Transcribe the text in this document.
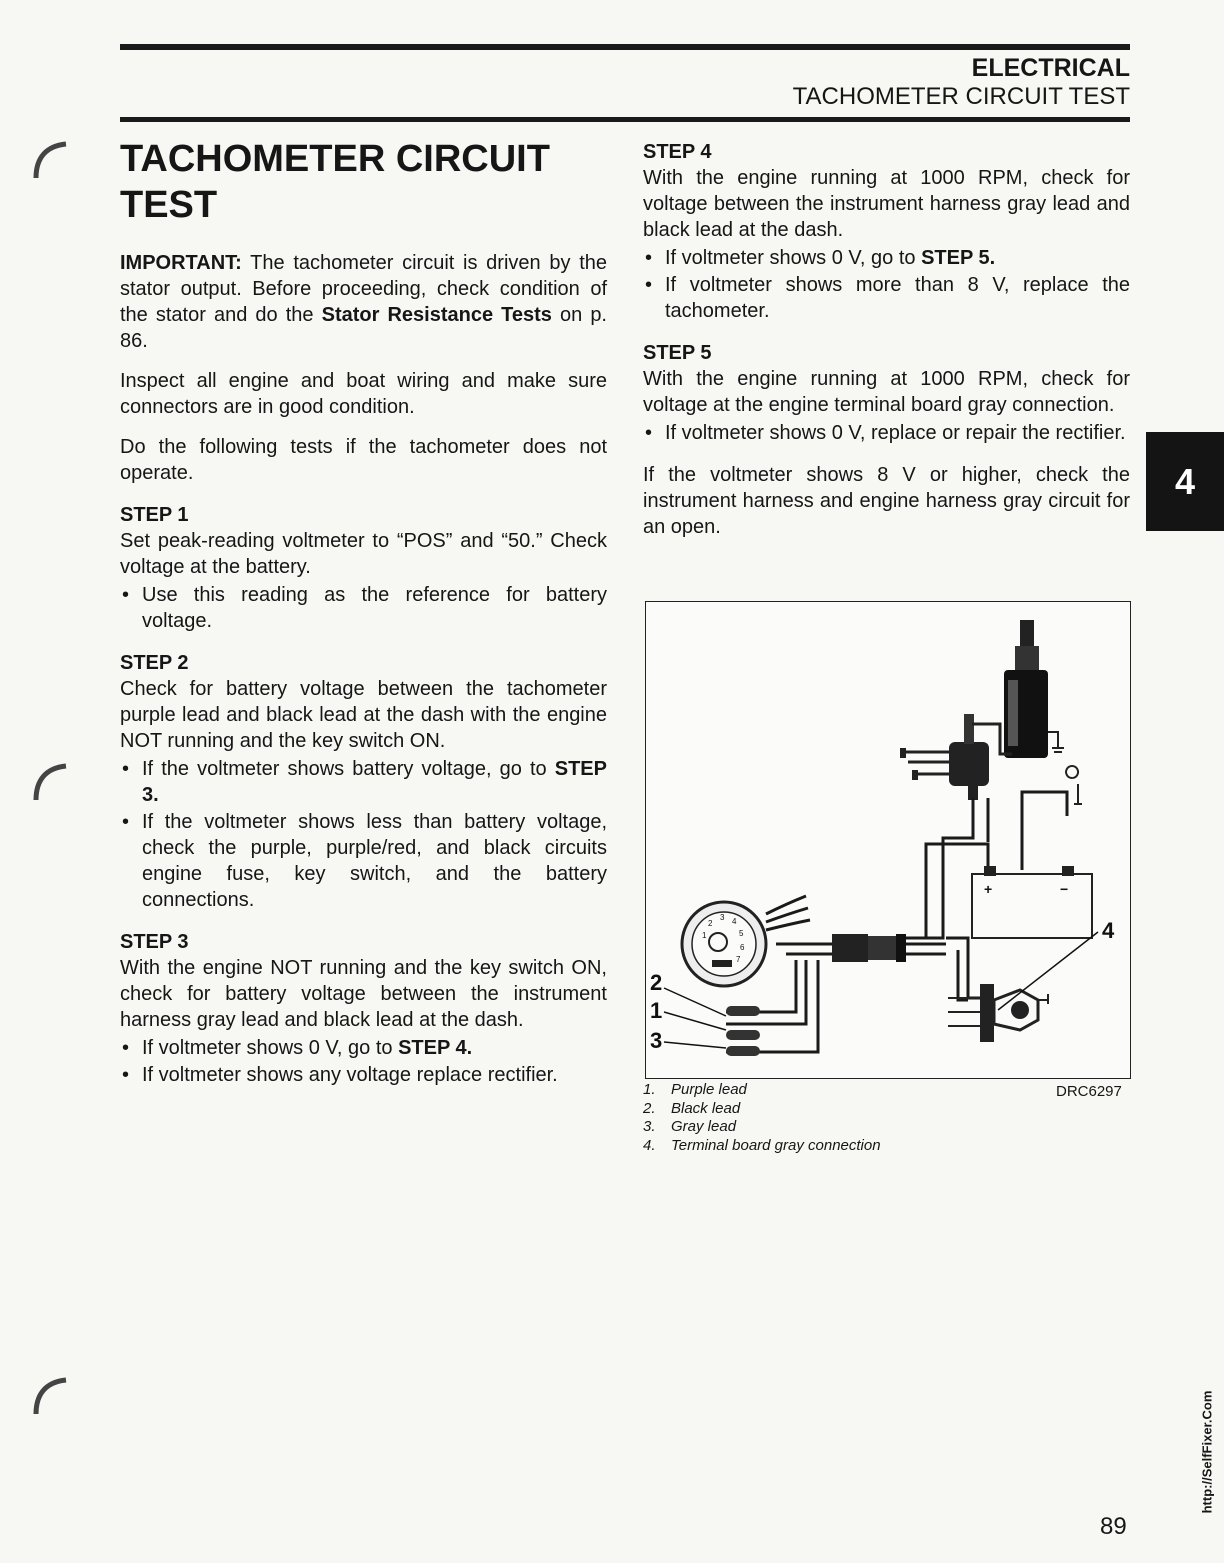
ELECTRICAL
TACHOMETER CIRCUIT TEST
TACHOMETER CIRCUIT TEST

IMPORTANT: The tachometer circuit is driven by the stator output. Before proceeding, check condition of the stator and do the Stator Resistance Tests on p. 86.

Inspect all engine and boat wiring and make sure connectors are in good condition.

Do the following tests if the tachometer does not operate.

STEP 1
Set peak-reading voltmeter to “POS” and “50.” Check voltage at the battery.
• Use this reading as the reference for battery voltage.
STEP 2
Check for battery voltage between the tachometer purple lead and black lead at the dash with the engine NOT running and the key switch ON.
• If the voltmeter shows battery voltage, go to STEP 3.
• If the voltmeter shows less than battery voltage, check the purple, purple/red, and black circuits engine fuse, key switch, and the battery connections.
STEP 3
With the engine NOT running and the key switch ON, check for battery voltage between the instrument harness gray lead and black lead at the dash.
• If voltmeter shows 0 V, go to STEP 4.
• If voltmeter shows any voltage replace rectifier.
STEP 4
With the engine running at 1000 RPM, check for voltage between the instrument harness gray lead and black lead at the dash.
• If voltmeter shows 0 V, go to STEP 5.
• If voltmeter shows more than 8 V, replace the tachometer.
STEP 5
With the engine running at 1000 RPM, check for voltage at the engine terminal board gray connection.
• If voltmeter shows 0 V, replace or repair the rectifier.

If the voltmeter shows 8 V or higher, check the instrument harness and engine harness gray circuit for an open.

+	−
1
2
3 4
5
6
7
2
1
3
4
1. Purple lead
2. Black lead
3. Gray lead
4. Terminal board gray connection
DRC6297
4
89
http://SelfFixer.Com
